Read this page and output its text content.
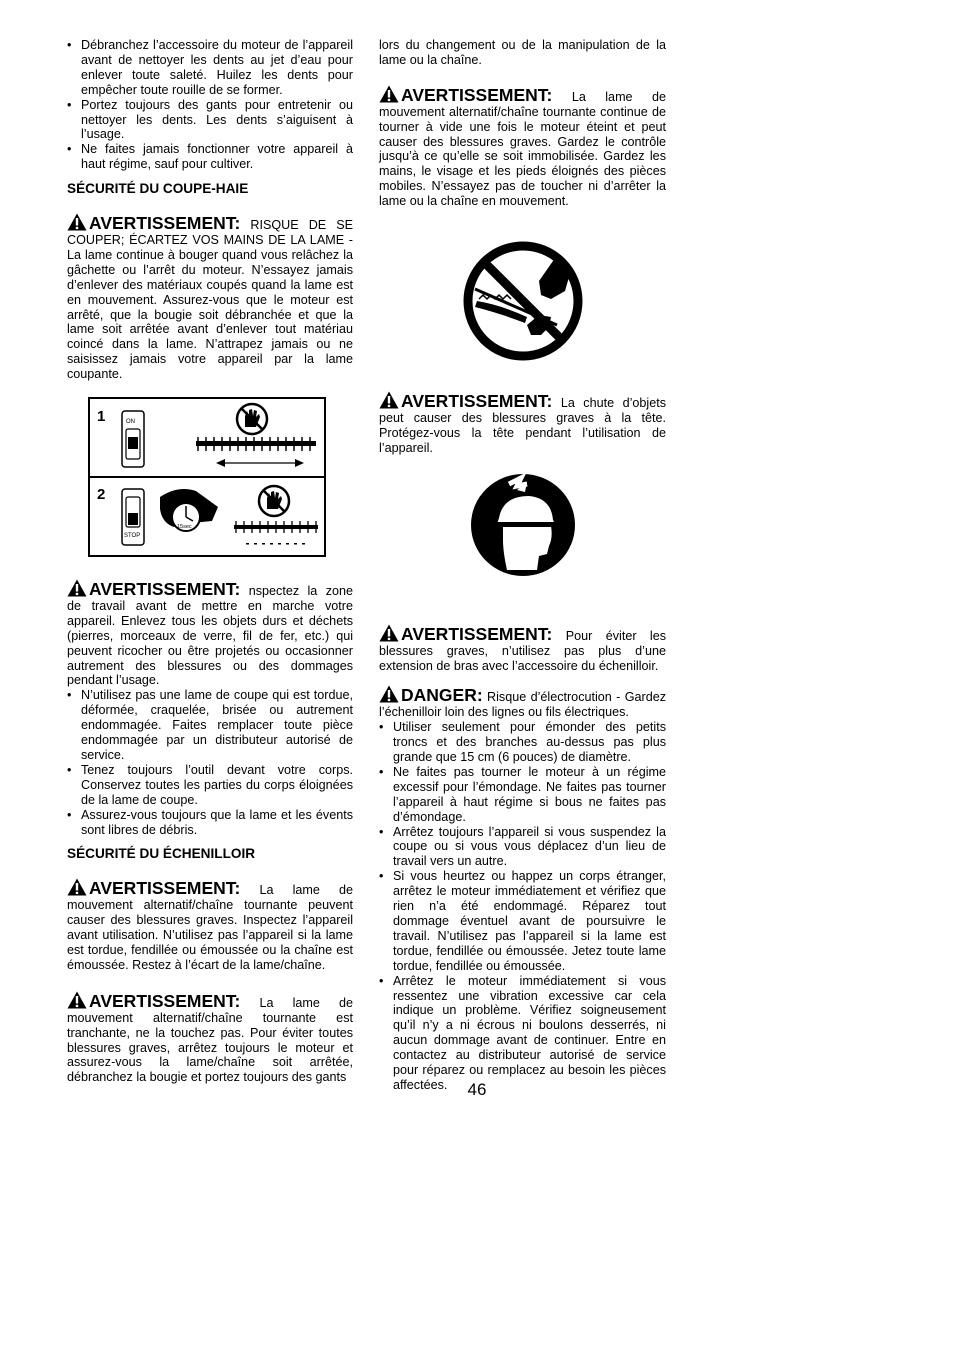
• Débranchez l’accessoire du moteur de l’appareil avant de nettoyer les dents au jet d’eau pour enlever toute saleté. Huilez les dents pour empêcher toute rouille de se former.
• Portez toujours des gants pour entretenir ou nettoyer les dents. Les dents s’aiguisent à l’usage.
• Ne faites jamais fonctionner votre appareil à haut régime, sauf pour cultiver.
SÉCURITÉ DU COUPE-HAIE

AVERTISSEMENT: RISQUE DE SE COUPER; ÉCARTEZ VOS MAINS DE LA LAME - La lame continue à bouger quand vous relâchez la gâchette ou l’arrêt du moteur. N’essayez jamais d’enlever des matériaux coupés quand la lame est en mouvement. Assurez-vous que le moteur est arrêté, que la bougie soit débranchée et que la lame soit arrêtée avant d’enlever tout matériau coincé dans la lame. N’attrapez jamais ou ne saisissez jamais votre appareil par la lame coupante.

1	ON
2
STOP
15sec

AVERTISSEMENT: nspectez la zone de travail avant de mettre en marche votre appareil. Enlevez tous les objets durs et déchets (pierres, morceaux de verre, fil de fer, etc.) qui peuvent ricocher ou être projetés ou occasionner autrement des blessures ou des dommages pendant l’usage.

• N’utilisez pas une lame de coupe qui est tordue, déformée, craquelée, brisée ou autrement endommagée. Faites remplacer toute pièce endommagée par un distributeur autorisé de service.
• Tenez toujours l’outil devant votre corps. Conservez toutes les parties du corps éloignées de la lame de coupe.
• Assurez-vous toujours que la lame et les évents sont libres de débris.
SÉCURITÉ DU ÉCHENILLOIR

AVERTISSEMENT: La lame de mouvement alternatif/chaîne tournante peuvent causer des blessures graves. Inspectez l’appareil avant utilisation. N’utilisez pas l’appareil si la lame est tordue, fendillée ou émoussée ou la chaîne est émoussée. Restez à l’écart de la lame/chaîne.

AVERTISSEMENT: La lame de mouvement alternatif/chaîne tournante est tranchante, ne la touchez pas. Pour éviter toutes blessures graves, arrêtez toujours le moteur et assurez-vous la lame/chaîne soit arrêtée, débranchez la bougie et portez toujours des gants

lors du changement ou de la manipulation de la lame ou la chaîne.

AVERTISSEMENT: La lame de mouvement alternatif/chaîne tournante continue de tourner à vide une fois le moteur éteint et peut causer des blessures graves. Gardez le contrôle jusqu’à ce qu’elle se soit immobilisée. Gardez les mains, le visage et les pieds éloignés des pièces mobiles. N’essayez pas de toucher ni d’arrêter la lame ou la chaîne en mouvement.

AVERTISSEMENT: La chute d’objets peut causer des blessures graves à la tête. Protégez-vous la tête pendant l’utilisation de l’appareil.

AVERTISSEMENT: Pour éviter les blessures graves, n’utilisez pas plus d’une extension de bras avec l’accessoire du échenilloir.

DANGER: Risque d’électrocution - Gardez l’échenilloir loin des lignes ou fils électriques.

• Utiliser seulement pour émonder des petits troncs et des branches au-dessus pas plus grande que 15 cm (6 pouces) de diamètre.
• Ne faites pas tourner le moteur à un régime excessif pour l’émondage. Ne faites pas tourner l’appareil à haut régime si bous ne faites pas d’émondage.
• Arrêtez toujours l’appareil si vous suspendez la coupe ou si vous vous déplacez d’un lieu de travail vers un autre.
• Si vous heurtez ou happez un corps étranger, arrêtez le moteur immédiatement et vérifiez que rien n’a été endommagé. Réparez tout dommage éventuel avant de poursuivre le travail. N’utilisez pas l’appareil si la lame est tordue, fendillée ou émoussée. Jetez toute lame tordue, fendillée ou émoussée.
• Arrêtez le moteur immédiatement si vous ressentez une vibration excessive car cela indique un problème. Vérifiez soigneusement qu’il n’y a ni écrous ni boulons desserrés, ni aucun dommage avant de continuer. Entre en contactez au distributeur autorisé de service pour réparez ou remplacez au besoin les pièces affectées.	46
